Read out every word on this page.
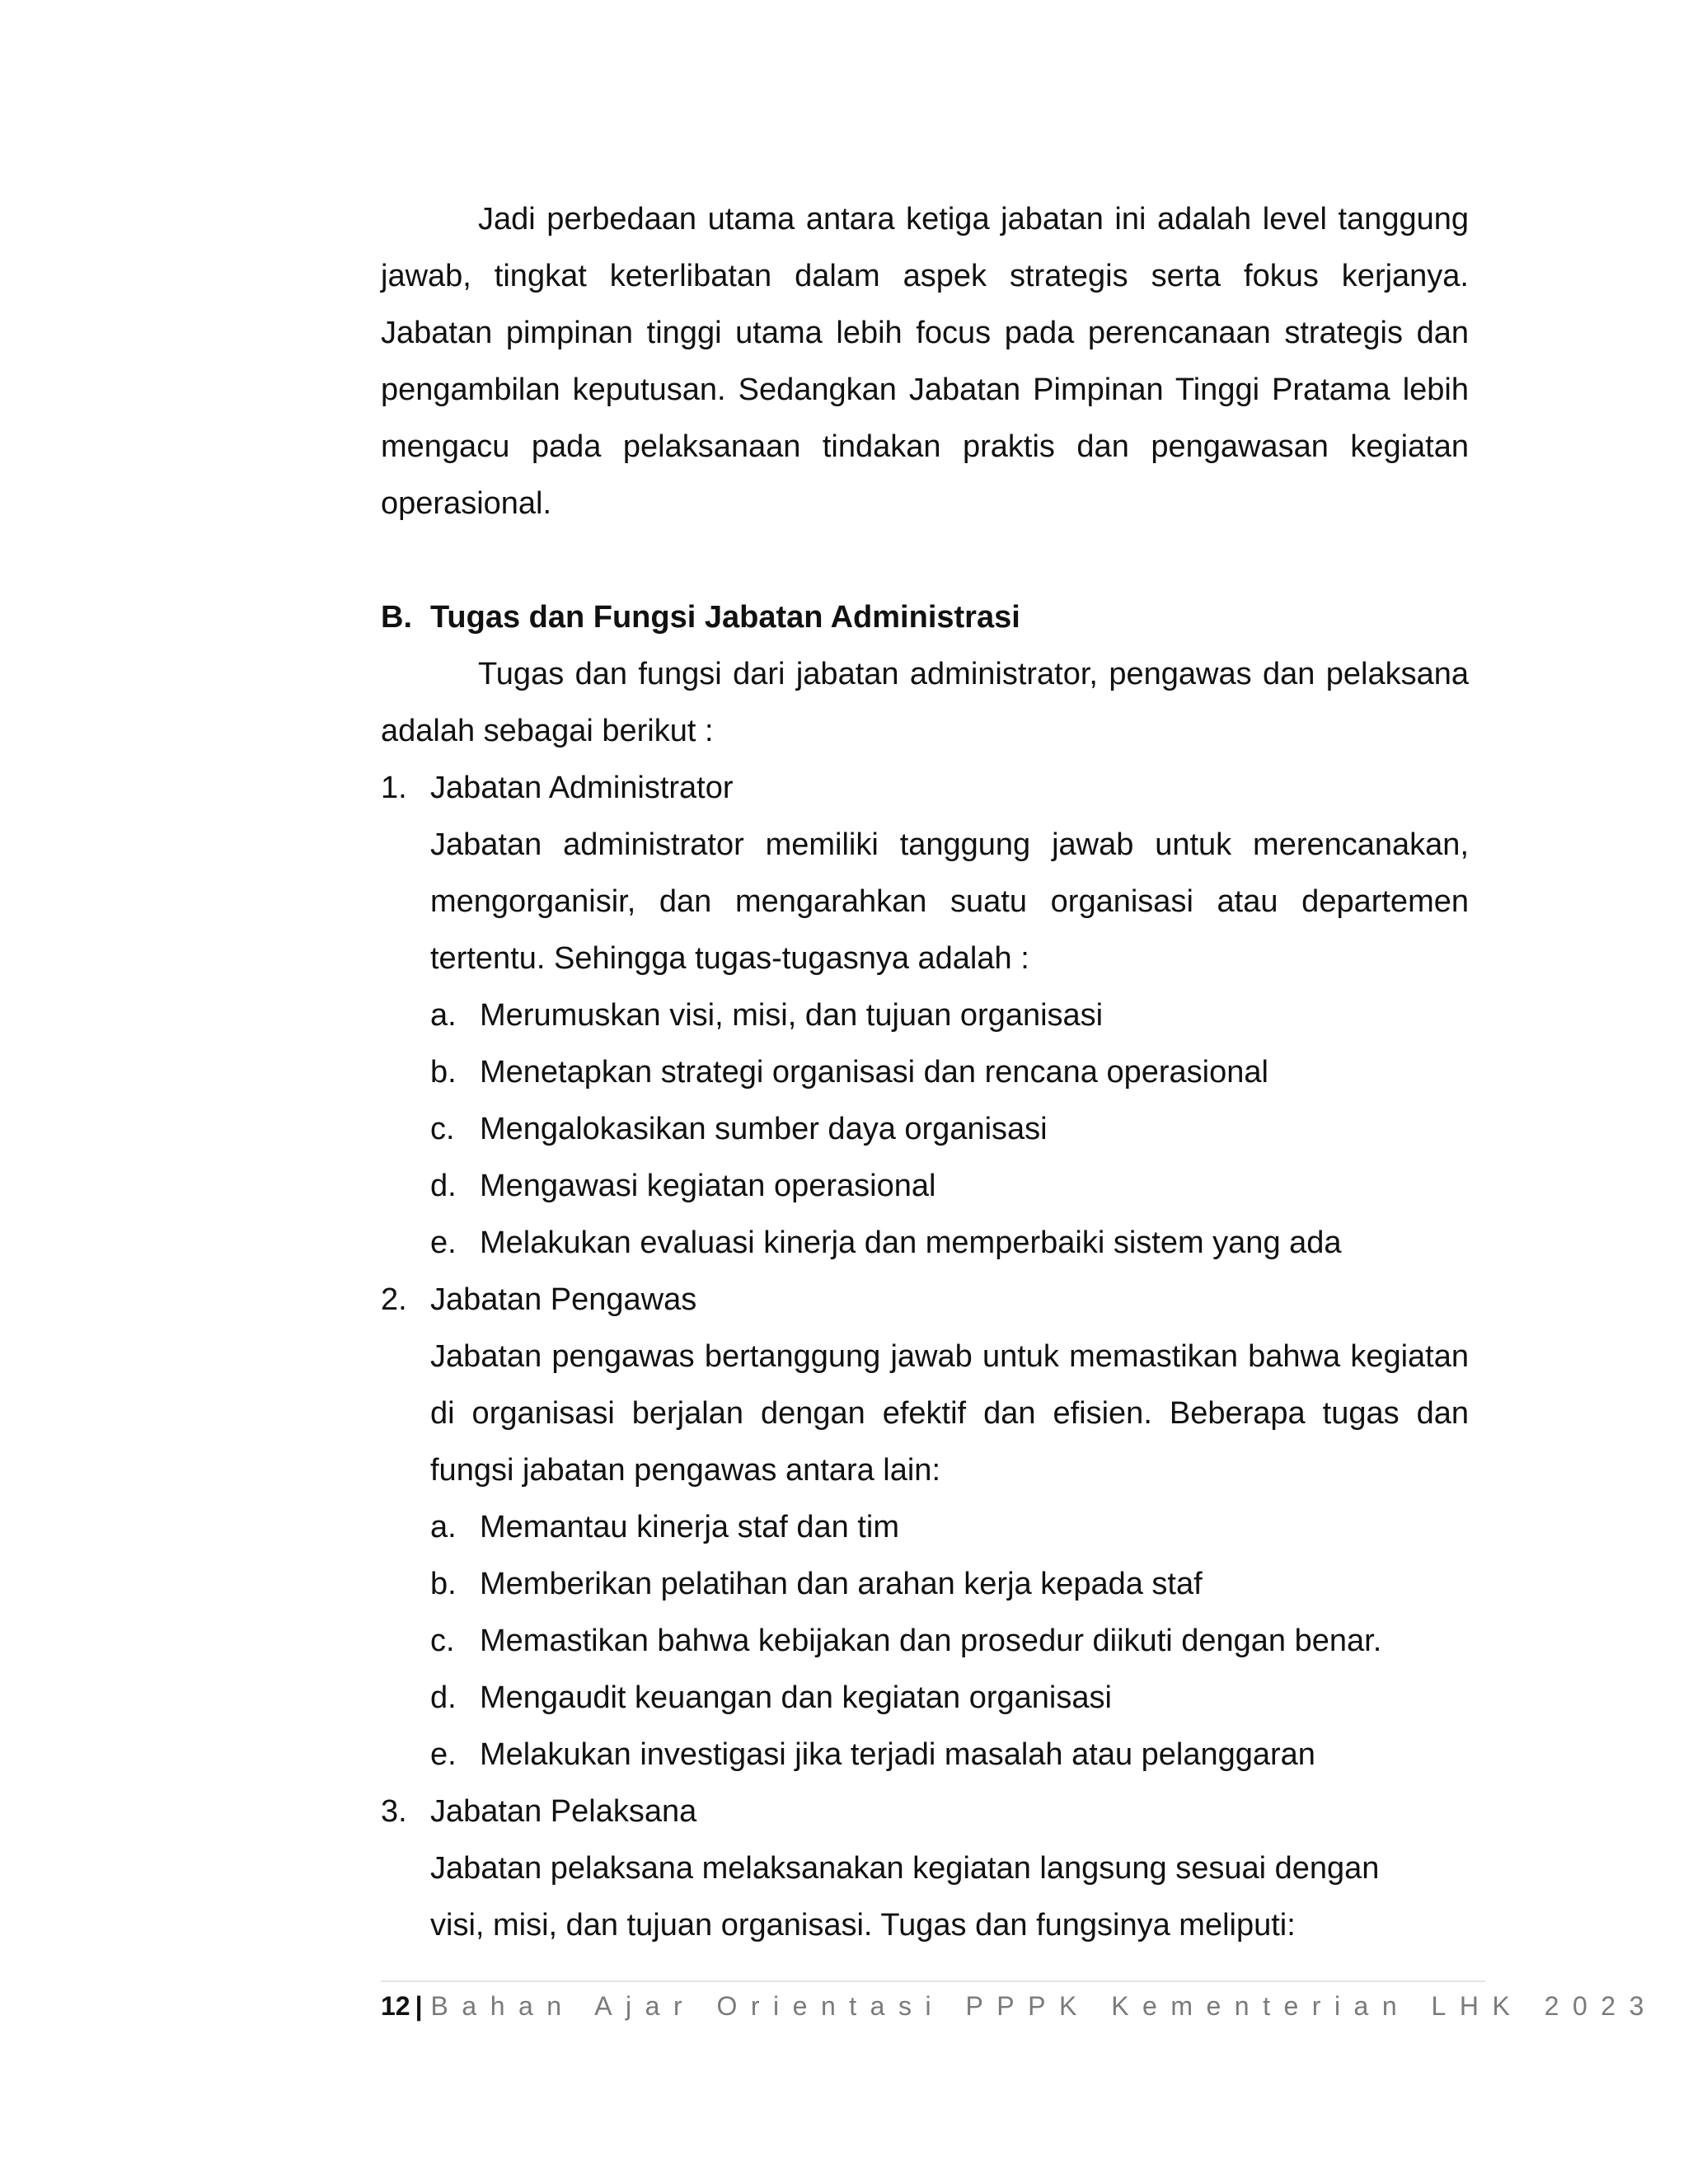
Jadi perbedaan utama antara ketiga jabatan ini adalah level tanggung jawab, tingkat keterlibatan dalam aspek strategis serta fokus kerjanya. Jabatan pimpinan tinggi utama lebih focus pada perencanaan strategis dan pengambilan keputusan. Sedangkan Jabatan Pimpinan Tinggi Pratama lebih mengacu pada pelaksanaan tindakan praktis dan pengawasan kegiatan operasional.

B. Tugas dan Fungsi Jabatan Administrasi

Tugas dan fungsi dari jabatan administrator, pengawas dan pelaksana adalah sebagai berikut :

1. Jabatan Administrator

Jabatan administrator memiliki tanggung jawab untuk merencanakan, mengorganisir, dan mengarahkan suatu organisasi atau departemen tertentu. Sehingga tugas-tugasnya adalah :

a. Merumuskan visi, misi, dan tujuan organisasi
b. Menetapkan strategi organisasi dan rencana operasional
c. Mengalokasikan sumber daya organisasi
d. Mengawasi kegiatan operasional
e. Melakukan evaluasi kinerja dan memperbaiki sistem yang ada
2. Jabatan Pengawas

Jabatan pengawas bertanggung jawab untuk memastikan bahwa kegiatan di organisasi berjalan dengan efektif dan efisien. Beberapa tugas dan fungsi jabatan pengawas antara lain:

a. Memantau kinerja staf dan tim
b. Memberikan pelatihan dan arahan kerja kepada staf
c. Memastikan bahwa kebijakan dan prosedur diikuti dengan benar.
d. Mengaudit keuangan dan kegiatan organisasi
e. Melakukan investigasi jika terjadi masalah atau pelanggaran
3. Jabatan Pelaksana
Jabatan pelaksana melaksanakan kegiatan langsung sesuai dengan
visi, misi, dan tujuan organisasi. Tugas dan fungsinya meliputi:
12 | Bahan Ajar Orientasi PPPK Kementerian LHK 2023
